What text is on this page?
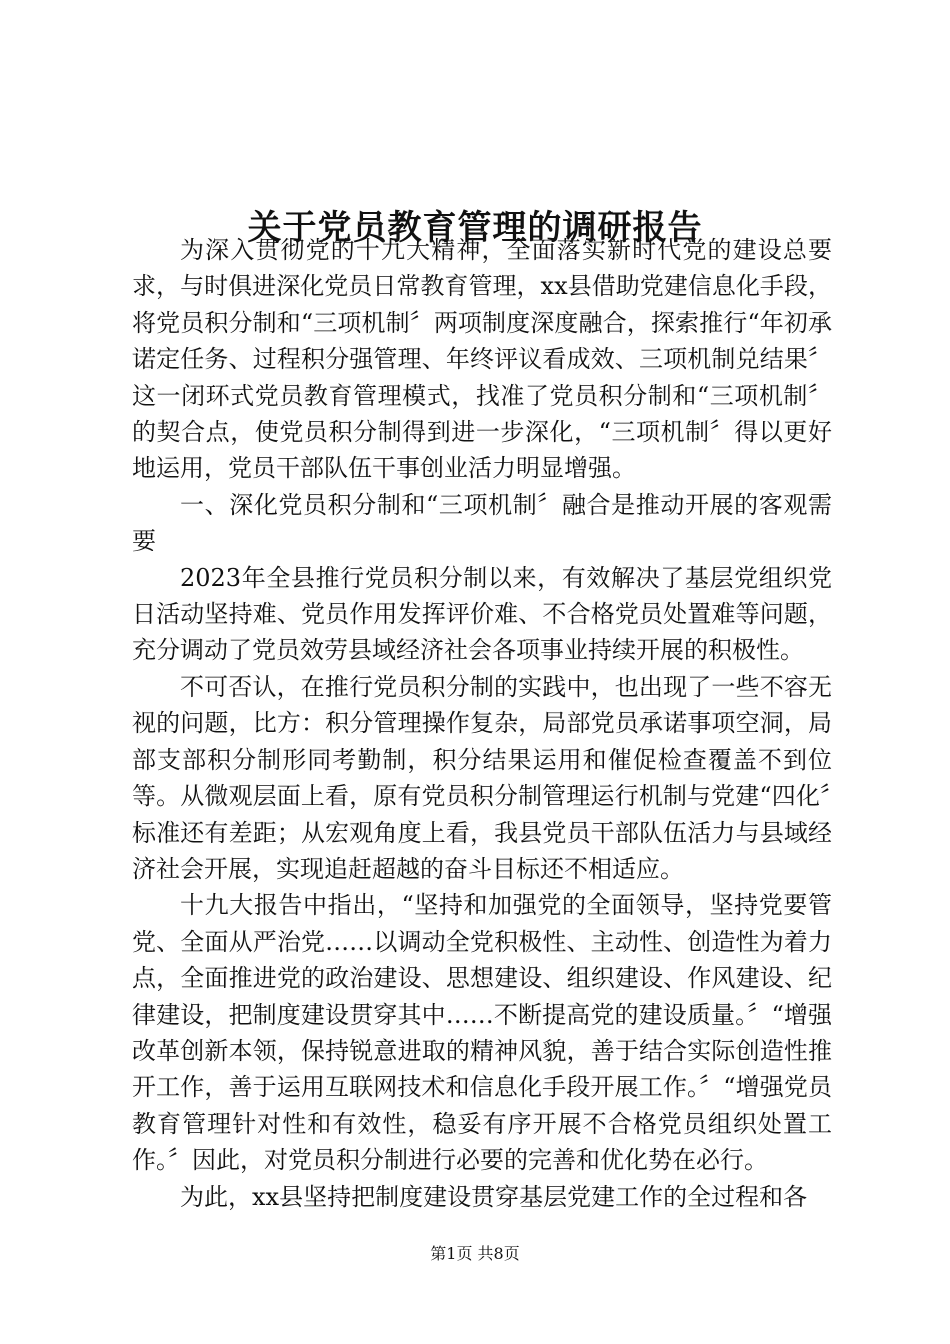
关于党员教育管理的调研报告

为深入贯彻党的十九大精神，全面落实新时代党的建设总要求，与时俱进深化党员日常教育管理，xx县借助党建信息化手段，将党员积分制和“三项机制〞两项制度深度融合，探索推行“年初承诺定任务、过程积分强管理、年终评议看成效、三项机制兑结果〞这一闭环式党员教育管理模式，找准了党员积分制和“三项机制〞的契合点，使党员积分制得到进一步深化，“三项机制〞得以更好地运用，党员干部队伍干事创业活力明显增强。

一、深化党员积分制和“三项机制〞融合是推动开展的客观需要

2023年全县推行党员积分制以来，有效解决了基层党组织党日活动坚持难、党员作用发挥评价难、不合格党员处置难等问题，充分调动了党员效劳县域经济社会各项事业持续开展的积极性。

不可否认，在推行党员积分制的实践中，也出现了一些不容无视的问题，比方：积分管理操作复杂，局部党员承诺事项空洞，局部支部积分制形同考勤制，积分结果运用和催促检查覆盖不到位等。从微观层面上看，原有党员积分制管理运行机制与党建“四化〞标准还有差距；从宏观角度上看，我县党员干部队伍活力与县域经济社会开展，实现追赶超越的奋斗目标还不相适应。

十九大报告中指出，“坚持和加强党的全面领导，坚持党要管党、全面从严治党……以调动全党积极性、主动性、创造性为着力点，全面推进党的政治建设、思想建设、组织建设、作风建设、纪律建设，把制度建设贯穿其中……不断提高党的建设质量。〞“增强改革创新本领，保持锐意进取的精神风貌，善于结合实际创造性推开工作，善于运用互联网技术和信息化手段开展工作。〞“增强党员教育管理针对性和有效性，稳妥有序开展不合格党员组织处置工作。〞因此，对党员积分制进行必要的完善和优化势在必行。

为此，xx县坚持把制度建设贯穿基层党建工作的全过程和各

第1页 共8页
